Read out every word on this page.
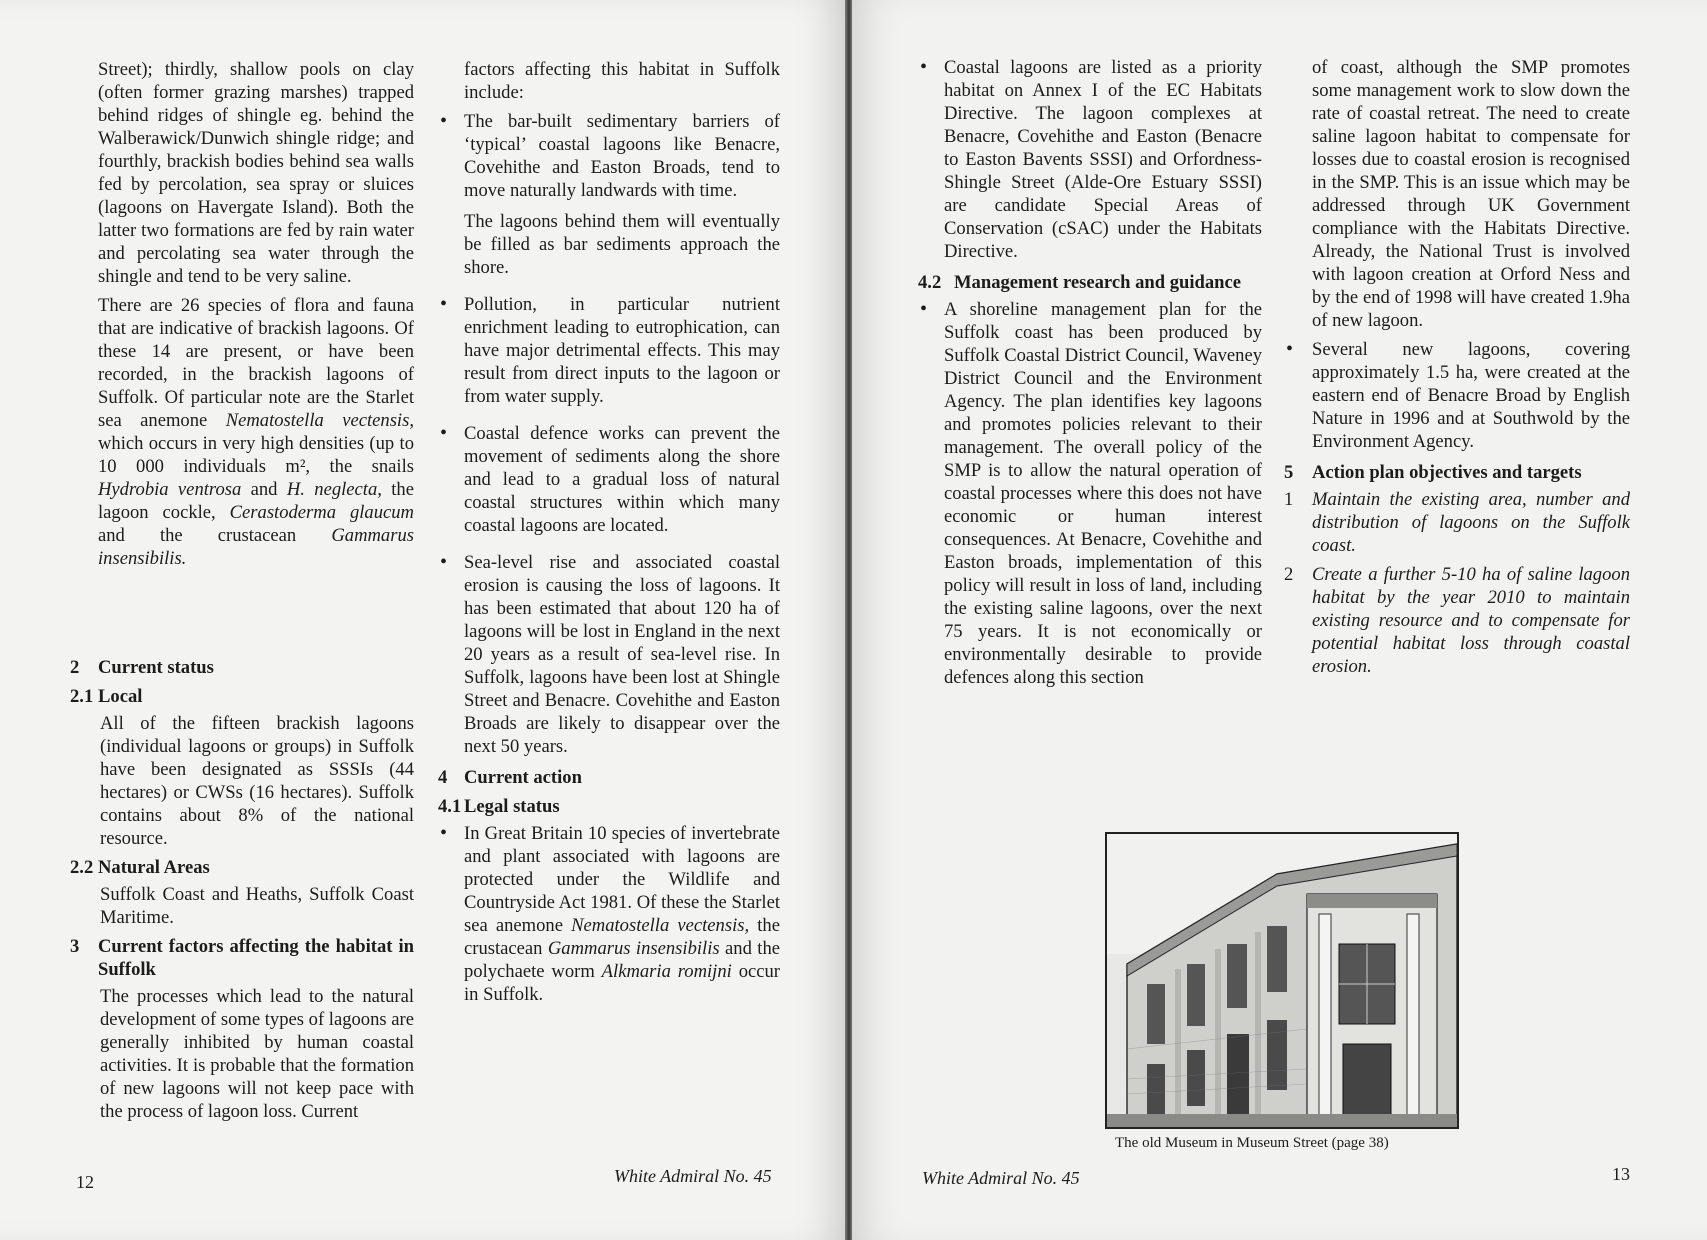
Street); thirdly, shallow pools on clay (often former grazing marshes) trapped behind ridges of shingle eg. behind the Walberawick/Dunwich shingle ridge; and fourthly, brackish bodies behind sea walls fed by percolation, sea spray or sluices (lagoons on Havergate Island). Both the latter two formations are fed by rain water and percolating sea water through the shingle and tend to be very saline.

There are 26 species of flora and fauna that are indicative of brackish lagoons. Of these 14 are present, or have been recorded, in the brackish lagoons of Suffolk. Of particular note are the Starlet sea anemone Nematostella vectensis, which occurs in very high densities (up to 10 000 individuals m², the snails Hydrobia ventrosa and H. neglecta, the lagoon cockle, Cerastoderma glaucum and the crustacean Gammarus insensibilis.

2 Current status
2.1 Local

All of the fifteen brackish lagoons (individual lagoons or groups) in Suffolk have been designated as SSSIs (44 hectares) or CWSs (16 hectares). Suffolk contains about 8% of the national resource.

2.2 Natural Areas

Suffolk Coast and Heaths, Suffolk Coast Maritime.

3 Current factors affecting the habitat in Suffolk

The processes which lead to the natural development of some types of lagoons are generally inhibited by human coastal activities. It is probable that the formation of new lagoons will not keep pace with the process of lagoon loss. Current

factors affecting this habitat in Suffolk include:

• The bar-built sedimentary barriers of ‘typical’ coastal lagoons like Benacre, Covehithe and Easton Broads, tend to move naturally landwards with time.

The lagoons behind them will eventually be filled as bar sediments approach the shore.

• Pollution, in particular nutrient enrichment leading to eutrophication, can have major detrimental effects. This may result from direct inputs to the lagoon or from water supply.
• Coastal defence works can prevent the movement of sediments along the shore and lead to a gradual loss of natural coastal structures within which many coastal lagoons are located.
• Sea-level rise and associated coastal erosion is causing the loss of lagoons. It has been estimated that about 120 ha of lagoons will be lost in England in the next 20 years as a result of sea-level rise. In Suffolk, lagoons have been lost at Shingle Street and Benacre. Covehithe and Easton Broads are likely to disappear over the next 50 years.
4 Current action
4.1 Legal status
• In Great Britain 10 species of invertebrate and plant associated with lagoons are protected under the Wildlife and Countryside Act 1981. Of these the Starlet sea anemone Nematostella vectensis, the crustacean Gammarus insensibilis and the polychaete worm Alkmaria romijni occur in Suffolk.
12	White Admiral No. 45
• Coastal lagoons are listed as a priority habitat on Annex I of the EC Habitats Directive. The lagoon complexes at Benacre, Covehithe and Easton (Benacre to Easton Bavents SSSI) and Orfordness-Shingle Street (Alde-Ore Estuary SSSI) are candidate Special Areas of Conservation (cSAC) under the Habitats Directive.
4.2 Management research and guidance
• A shoreline management plan for the Suffolk coast has been produced by Suffolk Coastal District Council, Waveney District Council and the Environment Agency. The plan identifies key lagoons and promotes policies relevant to their management. The overall policy of the SMP is to allow the natural operation of coastal processes where this does not have economic or human interest consequences. At Benacre, Covehithe and Easton broads, implementation of this policy will result in loss of land, including the existing saline lagoons, over the next 75 years. It is not economically or environmentally desirable to provide defences along this section

of coast, although the SMP promotes some management work to slow down the rate of coastal retreat. The need to create saline lagoon habitat to compensate for losses due to coastal erosion is recognised in the SMP. This is an issue which may be addressed through UK Government compliance with the Habitats Directive. Already, the National Trust is involved with lagoon creation at Orford Ness and by the end of 1998 will have created 1.9ha of new lagoon.

• Several new lagoons, covering approximately 1.5 ha, were created at the eastern end of Benacre Broad by English Nature in 1996 and at Southwold by the Environment Agency.
5 Action plan objectives and targets
1 Maintain the existing area, number and distribution of lagoons on the Suffolk coast.
2 Create a further 5-10 ha of saline lagoon habitat by the year 2010 to maintain existing resource and to compensate for potential habitat loss through coastal erosion.
The old Museum in Museum Street (page 38)
White Admiral No. 45	13
